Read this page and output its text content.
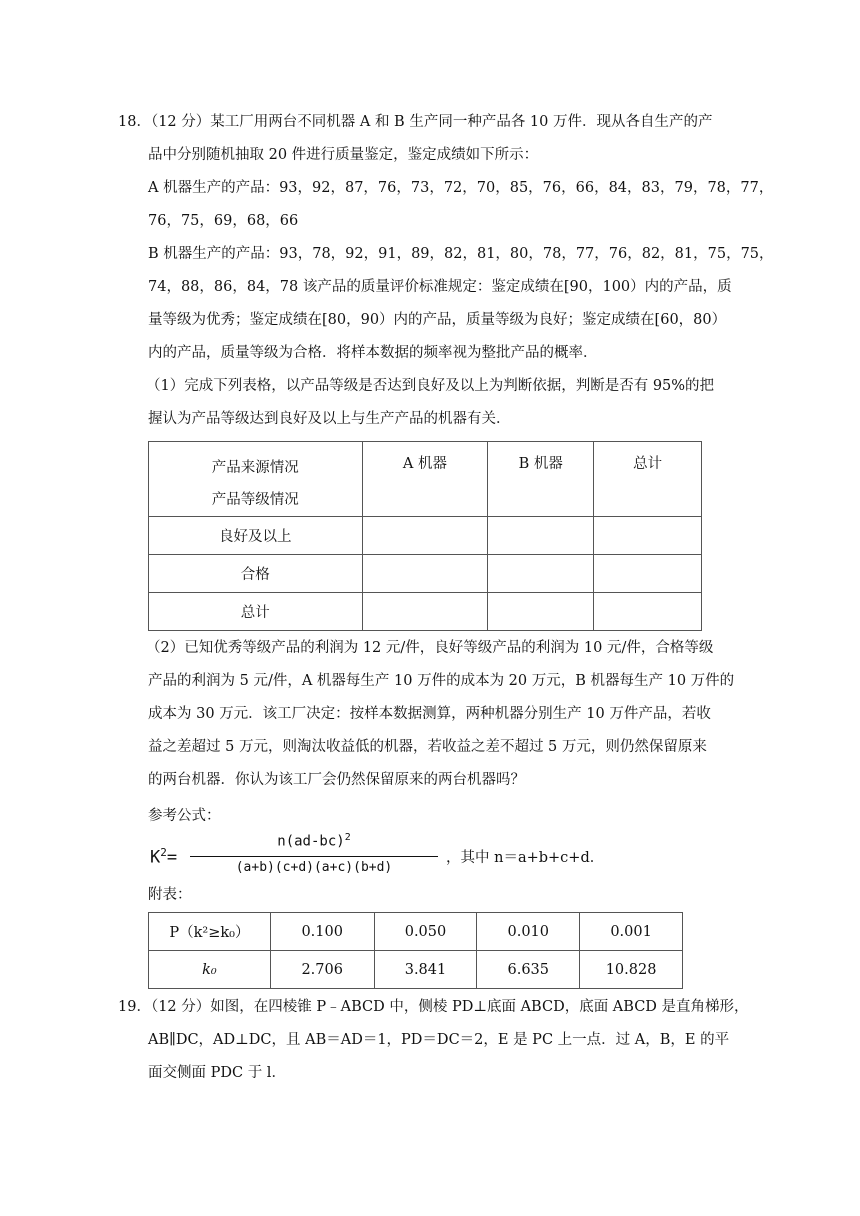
18．（12 分）某工厂用两台不同机器 A 和 B 生产同一种产品各 10 万件．现从各自生产的产
品中分别随机抽取 20 件进行质量鉴定，鉴定成绩如下所示：
A 机器生产的产品：93，92，87，76，73，72，70，85，76，66，84，83，79，78，77，
76，75，69，68，66
B 机器生产的产品：93，78，92，91，89，82，81，80，78，77，76，82，81，75，75，
74，88，86，84，78 该产品的质量评价标准规定：鉴定成绩在[90，100）内的产品，质
量等级为优秀；鉴定成绩在[80，90）内的产品，质量等级为良好；鉴定成绩在[60，80）
内的产品，质量等级为合格．将样本数据的频率视为整批产品的概率．
（1）完成下列表格，以产品等级是否达到良好及以上为判断依据，判断是否有 95%的把
握认为产品等级达到良好及以上与生产产品的机器有关．
产品来源情况
产品等级情况	A 机器	B 机器	总计
良好及以上			
合格			
总计			
（2）已知优秀等级产品的利润为 12 元/件，良好等级产品的利润为 10 元/件，合格等级
产品的利润为 5 元/件，A 机器每生产 10 万件的成本为 20 万元，B 机器每生产 10 万件的
成本为 30 万元．该工厂决定：按样本数据测算，两种机器分别生产 10 万件产品，若收
益之差超过 5 万元，则淘汰收益低的机器，若收益之差不超过 5 万元，则仍然保留原来
的两台机器．你认为该工厂会仍然保留原来的两台机器吗？
参考公式：
$K^2=$
$n(ad-bc)^2$
(a+b)(c+d)(a+c)(b+d)
，其中 n＝a+b+c+d．
附表：
P（k²≥k₀）	0.100	0.050	0.010	0.001
k₀	2.706	3.841	6.635	10.828
19．（12 分）如图，在四棱锥 P﹣ABCD 中，侧棱 PD⊥底面 ABCD，底面 ABCD 是直角梯形，
AB∥DC，AD⊥DC，且 AB＝AD＝1，PD＝DC＝2，E 是 PC 上一点．过 A，B，E 的平
面交侧面 PDC 于 l．
